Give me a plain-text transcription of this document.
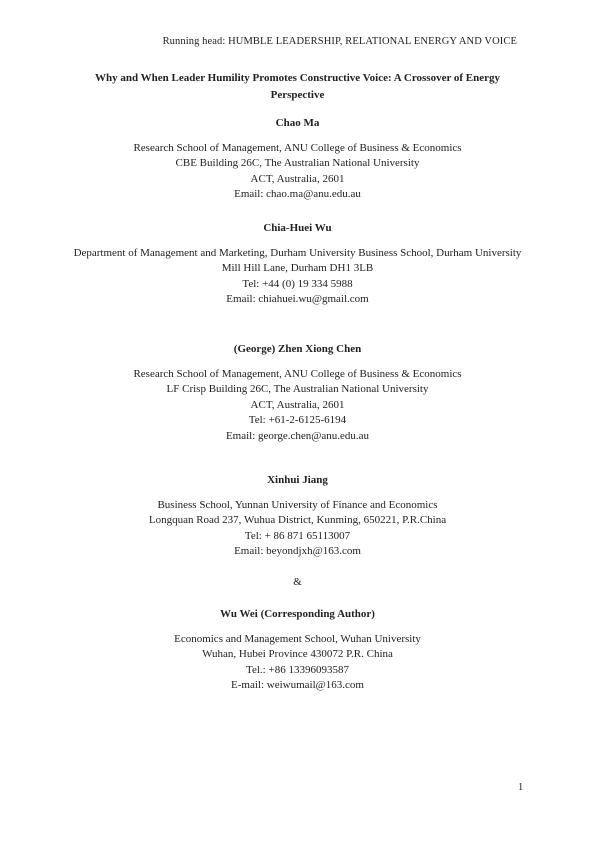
Running head: HUMBLE LEADERSHIP, RELATIONAL ENERGY AND VOICE
Why and When Leader Humility Promotes Constructive Voice: A Crossover of Energy Perspective
Chao Ma
Research School of Management, ANU College of Business & Economics
CBE Building 26C, The Australian National University
ACT, Australia, 2601
Email: chao.ma@anu.edu.au
Chia-Huei Wu
Department of Management and Marketing, Durham University Business School, Durham University
Mill Hill Lane, Durham DH1 3LB
Tel: +44 (0) 19 334 5988
Email: chiahuei.wu@gmail.com
(George) Zhen Xiong Chen
Research School of Management, ANU College of Business & Economics
LF Crisp Building 26C, The Australian National University
ACT, Australia, 2601
Tel: +61-2-6125-6194
Email: george.chen@anu.edu.au
Xinhui Jiang
Business School, Yunnan University of Finance and Economics
Longquan Road 237, Wuhua District, Kunming, 650221, P.R.China
Tel: + 86 871 65113007
Email: beyondjxh@163.com
&
Wu Wei (Corresponding Author)
Economics and Management School, Wuhan University
Wuhan, Hubei Province 430072 P.R. China
Tel.: +86 13396093587
E-mail: weiwumail@163.com
1
